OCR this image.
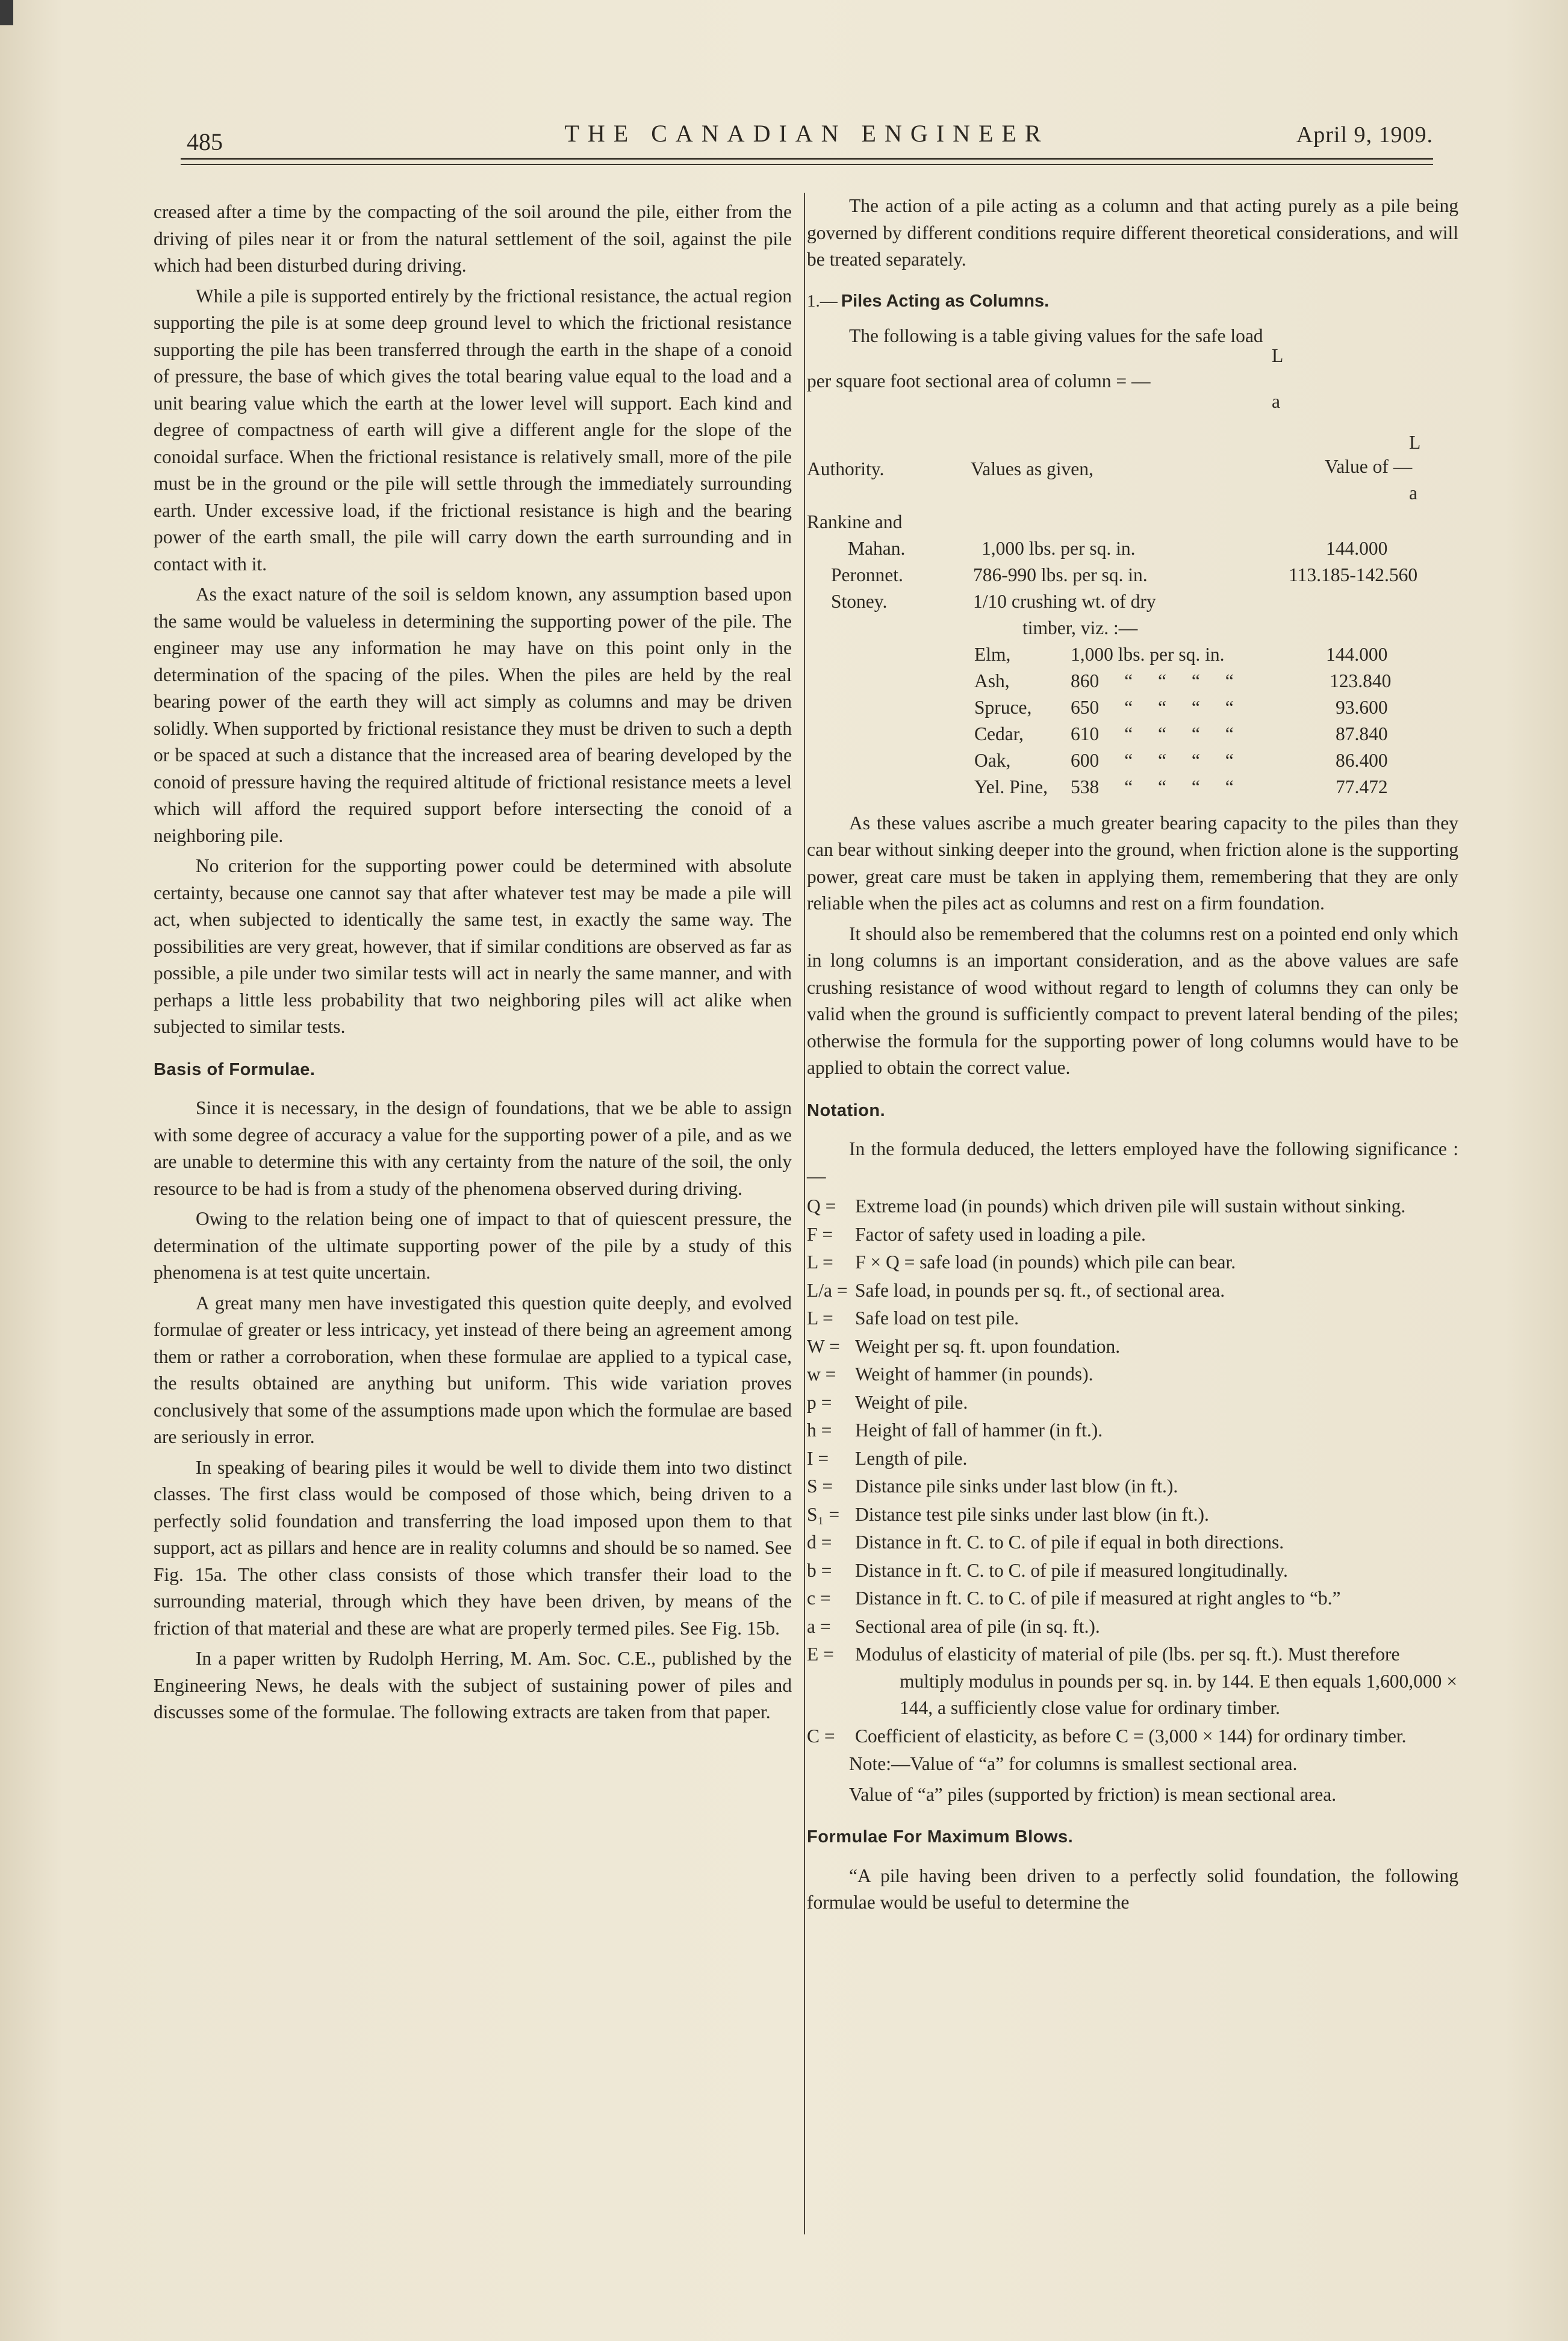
485	THE CANADIAN ENGINEER	April 9, 1909.

creased after a time by the compacting of the soil around the pile, either from the driving of piles near it or from the natural settlement of the soil, against the pile which had been disturbed during driving.

While a pile is supported entirely by the frictional resistance, the actual region supporting the pile is at some deep ground level to which the frictional resistance supporting the pile has been transferred through the earth in the shape of a conoid of pressure, the base of which gives the total bearing value equal to the load and a unit bearing value which the earth at the lower level will support. Each kind and degree of compactness of earth will give a different angle for the slope of the conoidal surface. When the frictional resistance is relatively small, more of the pile must be in the ground or the pile will settle through the immediately surrounding earth. Under excessive load, if the frictional resistance is high and the bearing power of the earth small, the pile will carry down the earth surrounding and in contact with it.

As the exact nature of the soil is seldom known, any assumption based upon the same would be valueless in determining the supporting power of the pile. The engineer may use any information he may have on this point only in the determination of the spacing of the piles. When the piles are held by the real bearing power of the earth they will act simply as columns and may be driven solidly. When supported by frictional resistance they must be driven to such a depth or be spaced at such a distance that the increased area of bearing developed by the conoid of pressure having the required altitude of frictional resistance meets a level which will afford the required support before intersecting the conoid of a neighboring pile.

No criterion for the supporting power could be determined with absolute certainty, because one cannot say that after whatever test may be made a pile will act, when subjected to identically the same test, in exactly the same way. The possibilities are very great, however, that if similar conditions are observed as far as possible, a pile under two similar tests will act in nearly the same manner, and with perhaps a little less probability that two neighboring piles will act alike when subjected to similar tests.

Basis of Formulae.

Since it is necessary, in the design of foundations, that we be able to assign with some degree of accuracy a value for the supporting power of a pile, and as we are unable to determine this with any certainty from the nature of the soil, the only resource to be had is from a study of the phenomena observed during driving.

Owing to the relation being one of impact to that of quiescent pressure, the determination of the ultimate supporting power of the pile by a study of this phenomena is at test quite uncertain.

A great many men have investigated this question quite deeply, and evolved formulae of greater or less intricacy, yet instead of there being an agreement among them or rather a corroboration, when these formulae are applied to a typical case, the results obtained are anything but uniform. This wide variation proves conclusively that some of the assumptions made upon which the formulae are based are seriously in error.

In speaking of bearing piles it would be well to divide them into two distinct classes. The first class would be composed of those which, being driven to a perfectly solid foundation and transferring the load imposed upon them to that support, act as pillars and hence are in reality columns and should be so named. See Fig. 15a. The other class consists of those which transfer their load to the surrounding material, through which they have been driven, by means of the friction of that material and these are what are properly termed piles. See Fig. 15b.

In a paper written by Rudolph Herring, M. Am. Soc. C.E., published by the Engineering News, he deals with the subject of sustaining power of piles and discusses some of the formulae. The following extracts are taken from that paper.

The action of a pile acting as a column and that acting purely as a pile being governed by different conditions require different theoretical considerations, and will be treated separately.

1.— Piles Acting as Columns.

The following is a table giving values for the safe load

L
per square foot sectional area of column = —
a
Authority.	Values as given,
L
Value of —
a
Rankine and
Mahan.	1,000 lbs. per sq. in.	144.000
Peronnet.	786-990 lbs. per sq. in.	113.185-142.560
Stoney.	1/10 crushing wt. of dry
timber, viz. :—
Elm,	1,000 lbs. per sq. in.	144.000
Ash,	860 “ “ “ “	123.840
Spruce, 650 “ “ “ “	93.600
Cedar, 610 “ “ “ “	87.840
Oak,	600 “ “ “ “	86.400
Yel. Pine, 538 “ “ “ “	77.472

As these values ascribe a much greater bearing capacity to the piles than they can bear without sinking deeper into the ground, when friction alone is the supporting power, great care must be taken in applying them, remembering that they are only reliable when the piles act as columns and rest on a firm foundation.

It should also be remembered that the columns rest on a pointed end only which in long columns is an important consideration, and as the above values are safe crushing resistance of wood without regard to length of columns they can only be valid when the ground is sufficiently compact to prevent lateral bending of the piles; otherwise the formula for the supporting power of long columns would have to be applied to obtain the correct value.

Notation.

In the formula deduced, the letters employed have the following significance :—

Q =	Extreme load (in pounds) which driven pile will sustain without sinking.
F =	Factor of safety used in loading a pile.
L =	F × Q = safe load (in pounds) which pile can bear.
L/a = Safe load, in pounds per sq. ft., of sectional area.
L =	Safe load on test pile.
W = Weight per sq. ft. upon foundation.
w =	Weight of hammer (in pounds).
p =	Weight of pile.
h =	Height of fall of hammer (in ft.).
I =	Length of pile.
S =	Distance pile sinks under last blow (in ft.).
S₁ = Distance test pile sinks under last blow (in ft.).
d =	Distance in ft. C. to C. of pile if equal in both directions.
b =	Distance in ft. C. to C. of pile if measured longitudinally.
c =	Distance in ft. C. to C. of pile if measured at right angles to “b.”
a =	Sectional area of pile (in sq. ft.).
E =	Modulus of elasticity of material of pile (lbs. per sq. ft.). Must therefore multiply modulus in pounds per sq. in. by 144. E then equals 1,600,000 × 144, a sufficiently close value for ordinary timber.
C =	Coefficient of elasticity, as before C = (3,000 × 144) for ordinary timber.

Note:—Value of “a” for columns is smallest sectional area.

Value of “a” piles (supported by friction) is mean sectional area.

Formulae For Maximum Blows.

“A pile having been driven to a perfectly solid foundation, the following formulae would be useful to determine the
